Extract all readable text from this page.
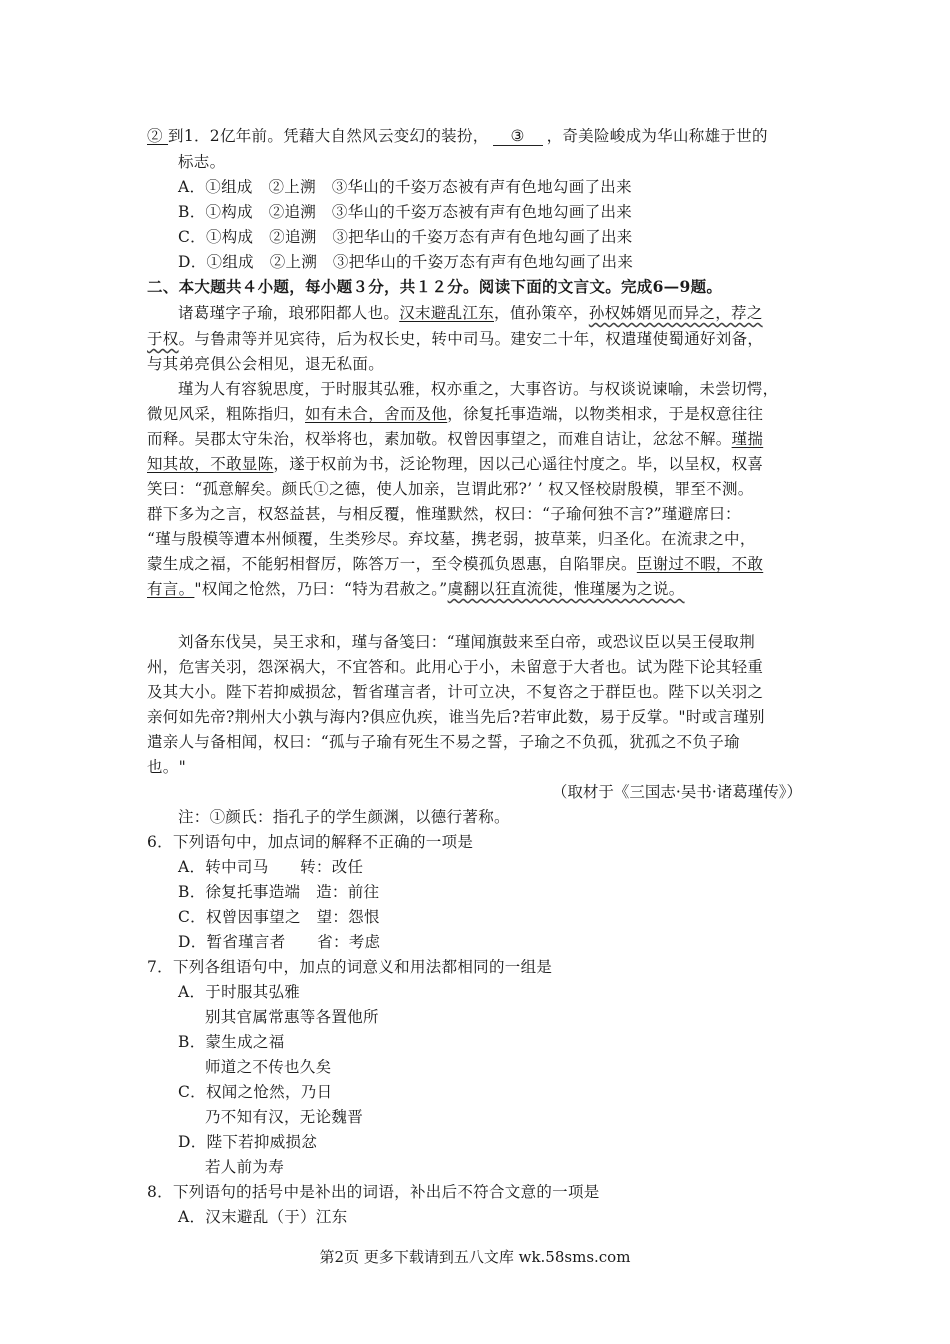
② 到1．2亿年前。凭藉大自然风云变幻的装扮， ③ ，奇美险峻成为华山称雄于世的
标志。
A．①组成　②上溯　③华山的千姿万态被有声有色地勾画了出来
B．①构成　②追溯　③华山的千姿万态被有声有色地勾画了出来
C．①构成　②追溯　③把华山的千姿万态有声有色地勾画了出来
D．①组成　②上溯　③把华山的千姿万态有声有色地勾画了出来
二、本大题共４小题，每小题３分，共１２分。阅读下面的文言文。完成6—9题。
诸葛瑾字子瑜，琅邪阳都人也。汉末避乱江东，值孙策卒，孙权姊婿见而异之，荐之
于权。与鲁肃等并见宾待，后为权长史，转中司马。建安二十年，权遣瑾使蜀通好刘备，
与其弟亮俱公会相见，退无私面。
瑾为人有容貌思度，于时服其弘雅，权亦重之，大事咨访。与权谈说谏喻，未尝切愕，
微见风采，粗陈指归，如有未合，舍而及他，徐复托事造端，以物类相求，于是权意往往
而释。吴郡太守朱治，权举将也，素加敬。权曾因事望之，而难自诘让，忿忿不解。瑾揣
知其故，不敢显陈，遂于权前为书，泛论物理，因以己心遥往忖度之。毕，以呈权，权喜
笑曰：“孤意解矣。颜氏①之德，使人加亲，岂谓此邪?’ ’ 权又怪校尉殷模，罪至不测。
群下多为之言，权怒益甚，与相反覆，惟瑾默然，权曰：“子瑜何独不言?”瑾避席曰：
“瑾与殷模等遭本州倾覆，生类殄尽。弃坟墓，携老弱，披草莱，归圣化。在流隶之中，
蒙生成之福，不能躬相督厉，陈答万一，至令模孤负恩惠，自陷罪戾。臣谢过不暇，不敢
有言。"权闻之怆然，乃曰：“特为君赦之。”虞翻以狂直流徙，惟瑾屡为之说。
刘备东伐吴，吴王求和，瑾与备笺曰：“瑾闻旗鼓来至白帝，或恐议臣以吴王侵取荆
州，危害关羽，怨深祸大，不宜答和。此用心于小，未留意于大者也。试为陛下论其轻重
及其大小。陛下若抑威损忿，暂省瑾言者，计可立决，不复咨之于群臣也。陛下以关羽之
亲何如先帝?荆州大小孰与海内?俱应仇疾，谁当先后?若审此数，易于反掌。"时或言瑾别
遣亲人与备相闻，权曰：“孤与子瑜有死生不易之誓，子瑜之不负孤，犹孤之不负子瑜
也。"
（取材于《三国志·吴书·诸葛瑾传》）
注：①颜氏：指孔子的学生颜渊，以德行著称。
6．下列语句中，加点词的解释不正确的一项是
A．转中司马　　转：改任
B．徐复托事造端　造：前往
C．权曾因事望之　望：怨恨
D．暂省瑾言者　　省：考虑
7．下列各组语句中，加点的词意义和用法都相同的一组是
A．于时服其弘雅
别其官属常惠等各置他所
B．蒙生成之福
师道之不传也久矣
C．权闻之怆然，乃日
乃不知有汉，无论魏晋
D．陛下若抑威损忿
若人前为寿
8．下列语句的括号中是补出的词语，补出后不符合文意的一项是
A．汉末避乱（于）江东
第2页 更多下载请到五八文库 wk.58sms.com
